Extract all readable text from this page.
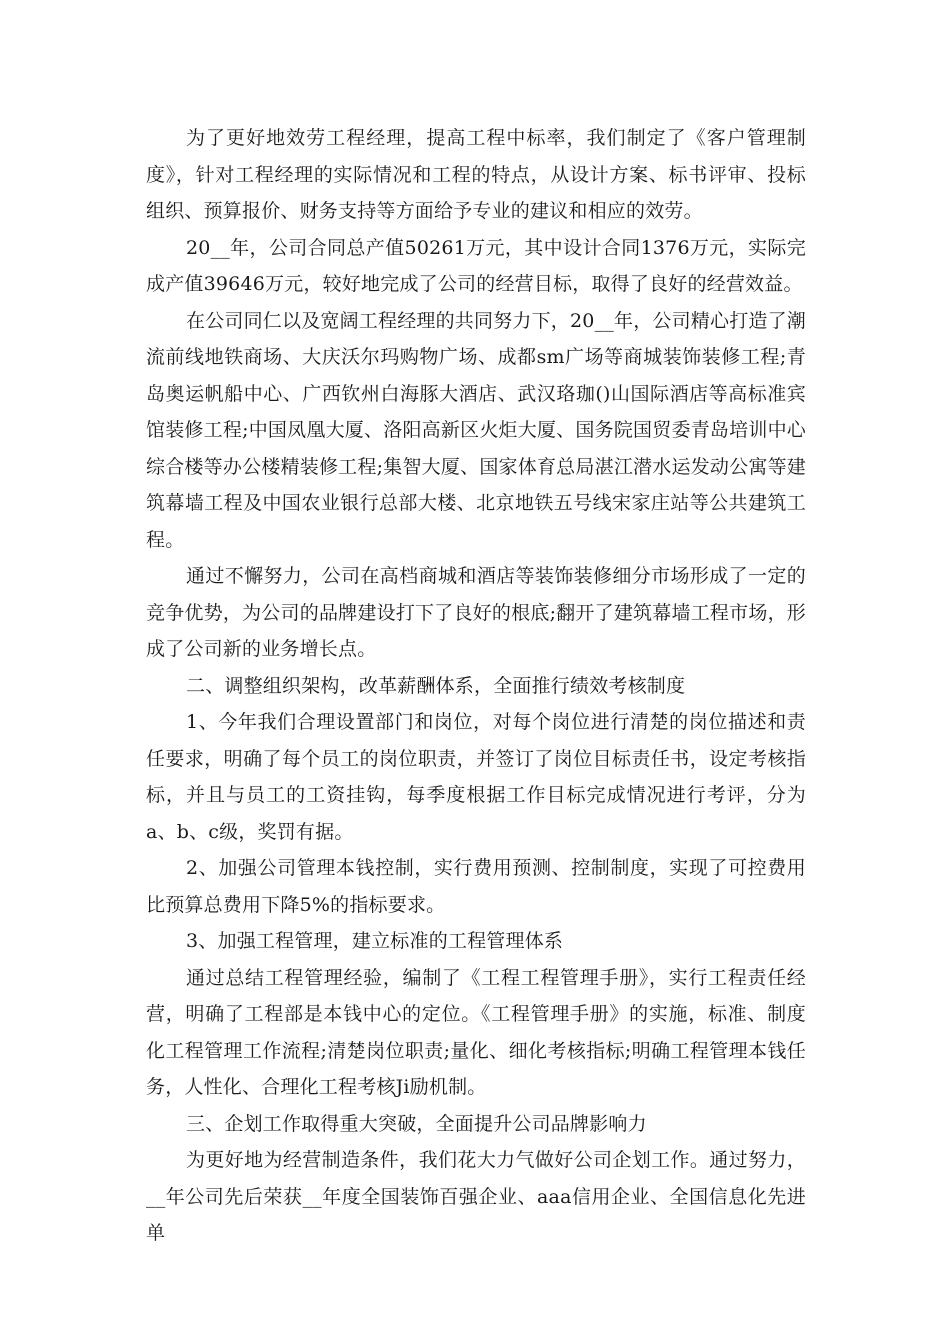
为了更好地效劳工程经理，提高工程中标率，我们制定了《客户管理制度》，针对工程经理的实际情况和工程的特点，从设计方案、标书评审、投标组织、预算报价、财务支持等方面给予专业的建议和相应的效劳。

20__年，公司合同总产值50261万元，其中设计合同1376万元，实际完成产值39646万元，较好地完成了公司的经营目标，取得了良好的经营效益。

在公司同仁以及宽阔工程经理的共同努力下，20__年，公司精心打造了潮流前线地铁商场、大庆沃尔玛购物广场、成都sm广场等商城装饰装修工程;青岛奥运帆船中心、广西钦州白海豚大酒店、武汉珞珈()山国际酒店等高标准宾馆装修工程;中国凤凰大厦、洛阳高新区火炬大厦、国务院国贸委青岛培训中心综合楼等办公楼精装修工程;集智大厦、国家体育总局湛江潜水运发动公寓等建筑幕墙工程及中国农业银行总部大楼、北京地铁五号线宋家庄站等公共建筑工程。

通过不懈努力，公司在高档商城和酒店等装饰装修细分市场形成了一定的竞争优势，为公司的品牌建设打下了良好的根底;翻开了建筑幕墙工程市场，形成了公司新的业务增长点。

二、调整组织架构，改革薪酬体系，全面推行绩效考核制度

1、今年我们合理设置部门和岗位，对每个岗位进行清楚的岗位描述和责任要求，明确了每个员工的岗位职责，并签订了岗位目标责任书，设定考核指标，并且与员工的工资挂钩，每季度根据工作目标完成情况进行考评，分为a、b、c级，奖罚有据。

2、加强公司管理本钱控制，实行费用预测、控制制度，实现了可控费用比预算总费用下降5%的指标要求。

3、加强工程管理，建立标准的工程管理体系

通过总结工程管理经验，编制了《工程工程管理手册》，实行工程责任经营，明确了工程部是本钱中心的定位。《工程管理手册》的实施，标准、制度化工程管理工作流程;清楚岗位职责;量化、细化考核指标;明确工程管理本钱任务，人性化、合理化工程考核Ji励机制。

三、企划工作取得重大突破，全面提升公司品牌影响力

为更好地为经营制造条件，我们花大力气做好公司企划工作。通过努力，__年公司先后荣获__年度全国装饰百强企业、aaa信用企业、全国信息化先进单
